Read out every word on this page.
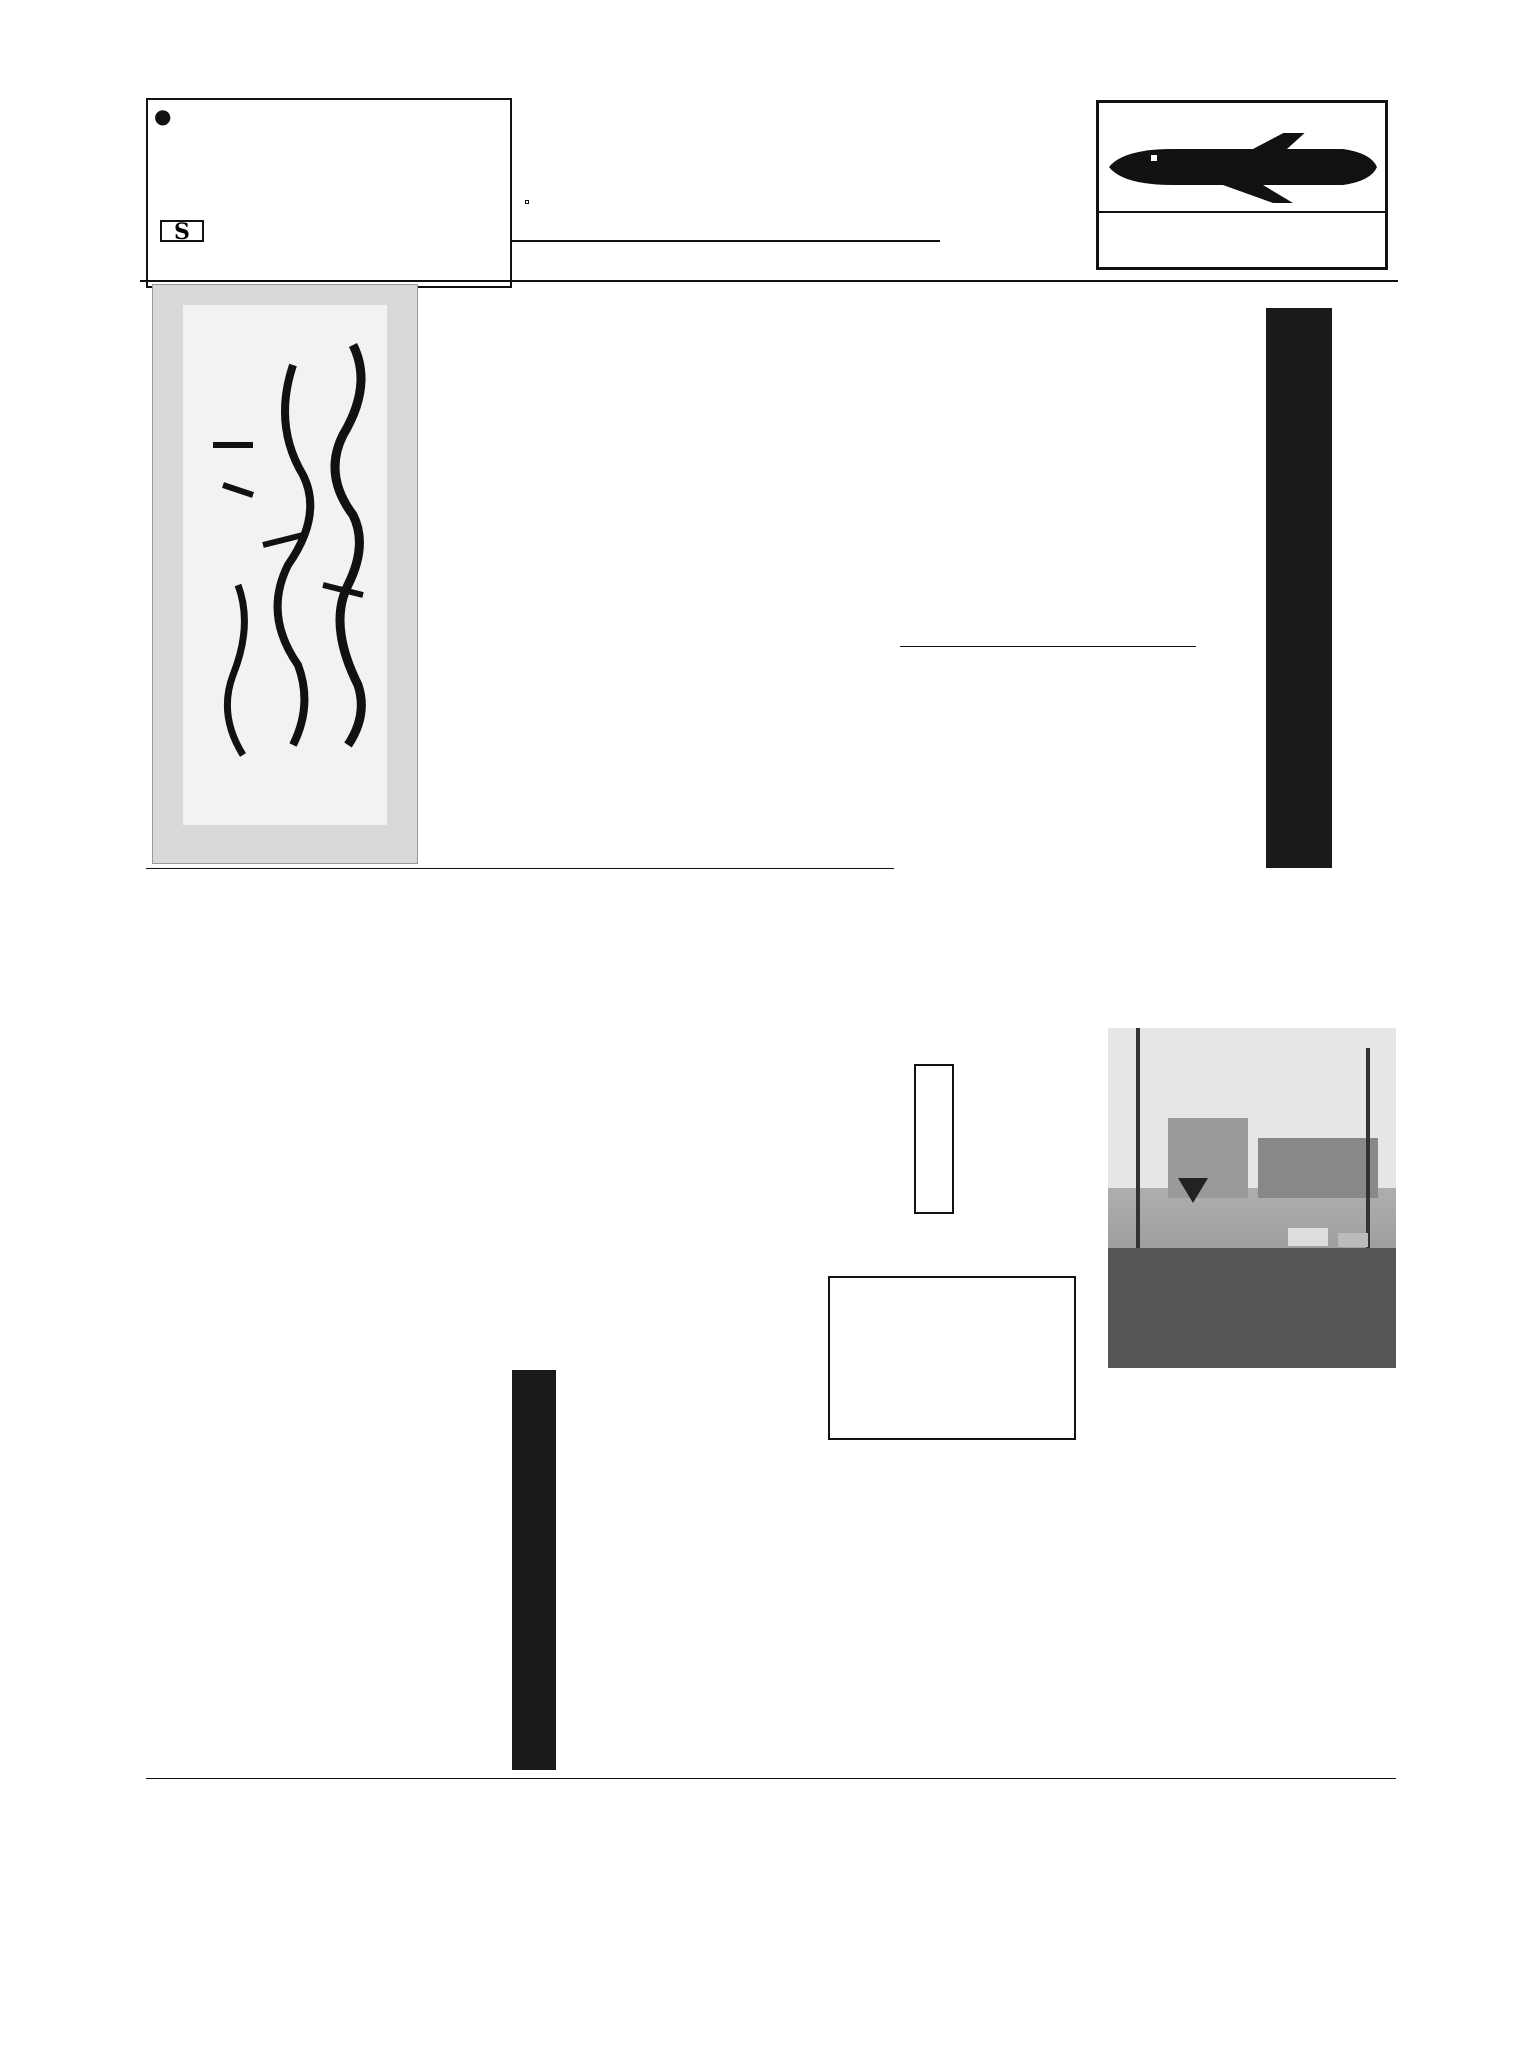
●
S
